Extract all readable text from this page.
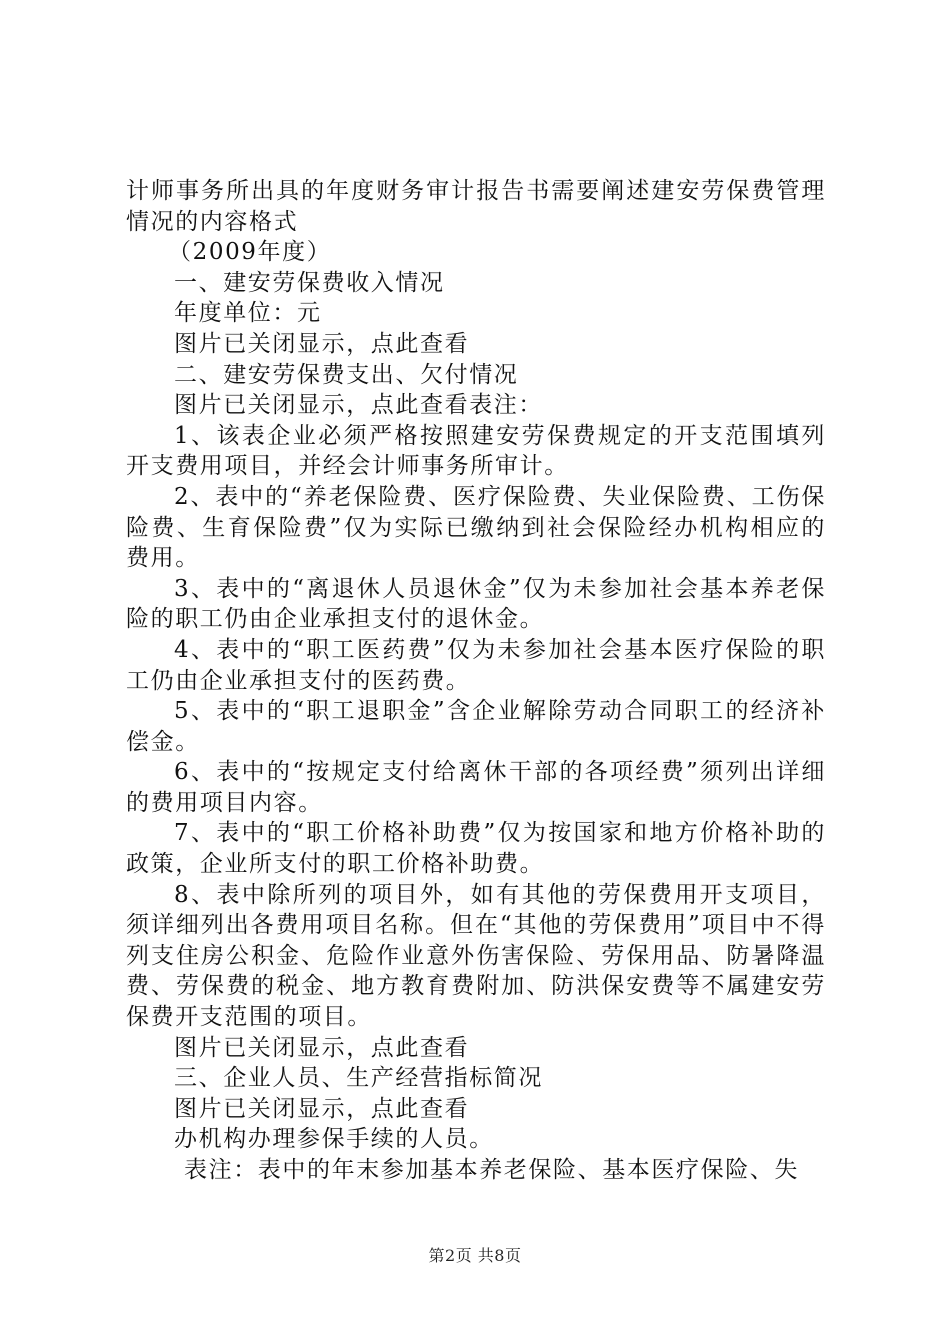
计师事务所出具的年度财务审计报告书需要阐述建安劳保费管理情况的内容格式

（2009年度）

一、建安劳保费收入情况

年度单位：元

图片已关闭显示，点此查看

二、建安劳保费支出、欠付情况

图片已关闭显示，点此查看表注：

1、该表企业必须严格按照建安劳保费规定的开支范围填列开支费用项目，并经会计师事务所审计。

2、表中的“养老保险费、医疗保险费、失业保险费、工伤保险费、生育保险费”仅为实际已缴纳到社会保险经办机构相应的费用。

3、表中的“离退休人员退休金”仅为未参加社会基本养老保险的职工仍由企业承担支付的退休金。

4、表中的“职工医药费”仅为未参加社会基本医疗保险的职工仍由企业承担支付的医药费。

5、表中的“职工退职金”含企业解除劳动合同职工的经济补偿金。

6、表中的“按规定支付给离休干部的各项经费”须列出详细的费用项目内容。

7、表中的“职工价格补助费”仅为按国家和地方价格补助的政策，企业所支付的职工价格补助费。

8、表中除所列的项目外，如有其他的劳保费用开支项目，须详细列出各费用项目名称。但在“其他的劳保费用”项目中不得列支住房公积金、危险作业意外伤害保险、劳保用品、防暑降温费、劳保费的税金、地方教育费附加、防洪保安费等不属建安劳保费开支范围的项目。

图片已关闭显示，点此查看

三、企业人员、生产经营指标简况

图片已关闭显示，点此查看

办机构办理参保手续的人员。

表注：表中的年末参加基本养老保险、基本医疗保险、失

第2页 共8页
